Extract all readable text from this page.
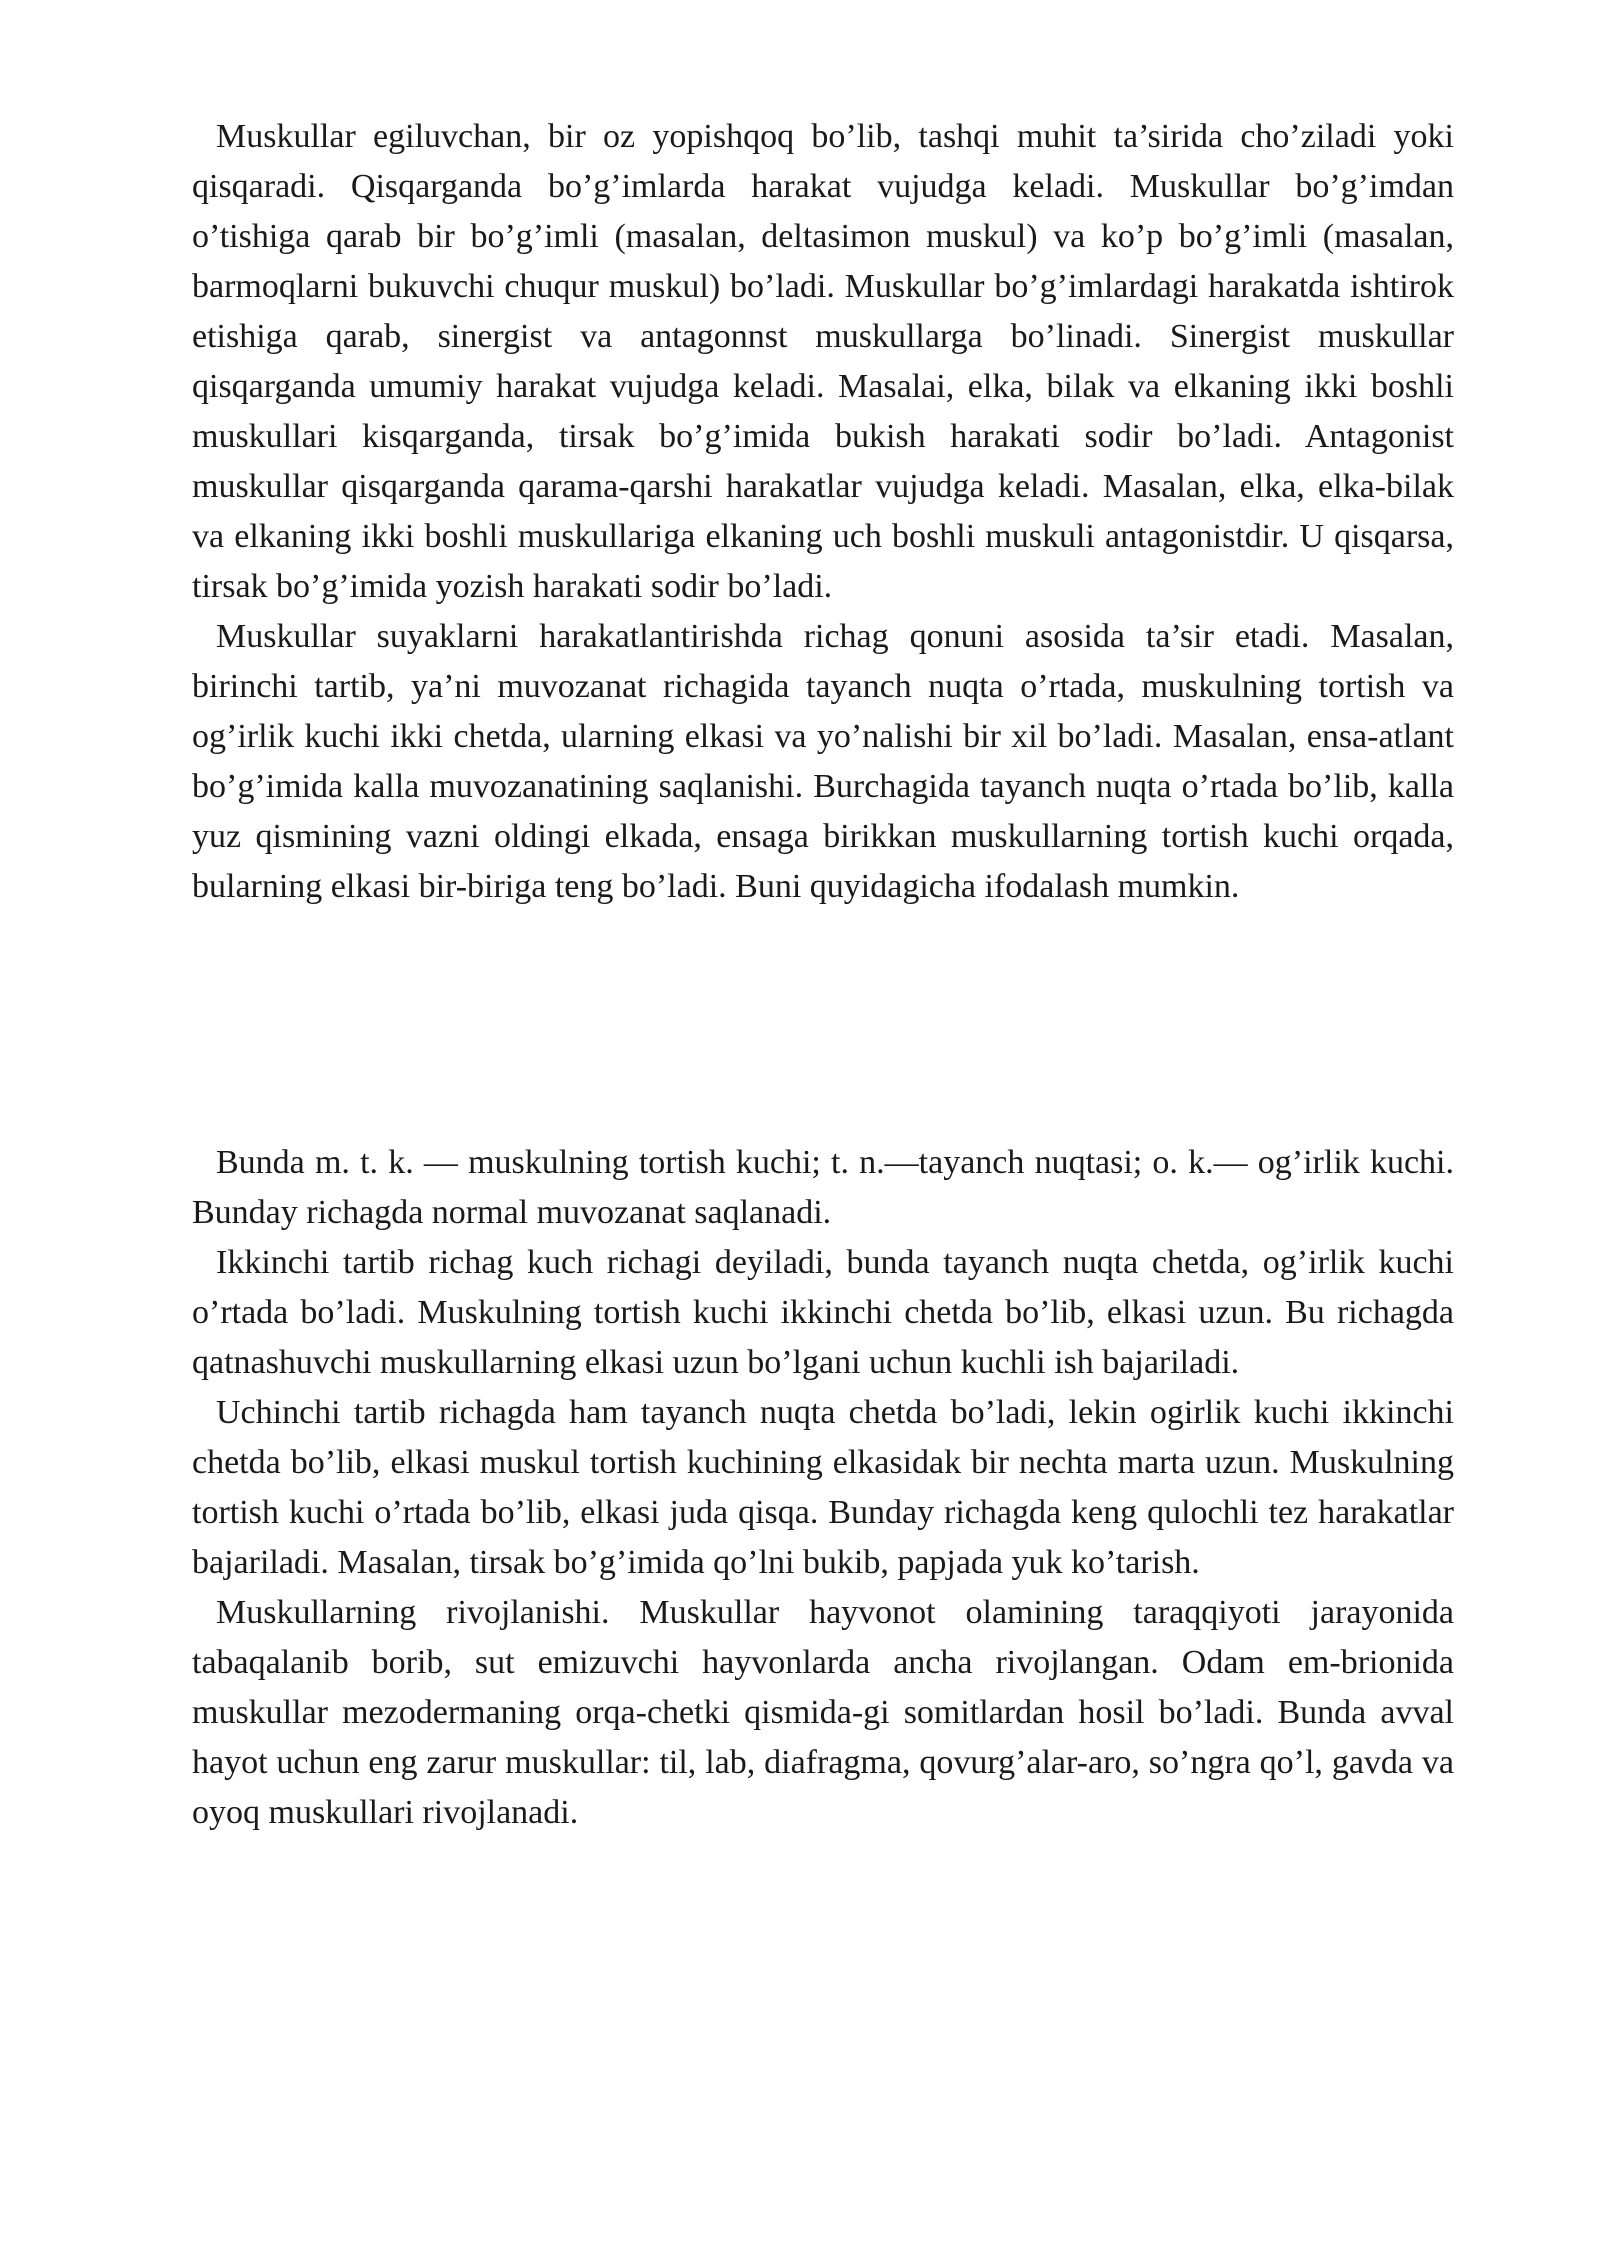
Muskullar egiluvchan, bir oz yopishqoq bo’lib, tashqi muhit ta’sirida cho’ziladi yoki qisqaradi. Qisqarganda bo’g’imlarda harakat vujudga keladi. Muskullar bo’g’imdan o’tishiga qarab bir bo’g’imli (masalan, deltasimon muskul) va ko’p bo’g’imli (masalan, barmoqlarni bukuvchi chuqur muskul) bo’ladi. Muskullar bo’g’imlardagi harakatda ishtirok etishiga qarab, sinergist va antagonnst muskullarga bo’linadi. Sinergist muskullar qisqarganda umumiy harakat vujudga keladi. Masalai, elka, bilak va elkaning ikki boshli muskullari kisqarganda, tirsak bo’g’imida bukish harakati sodir bo’ladi. Antagonist muskullar qisqarganda qarama-qarshi harakatlar vujudga keladi. Masalan, elka, elka-bilak va elkaning ikki boshli muskullariga elkaning uch boshli muskuli antagonistdir. U qisqarsa, tirsak bo’g’imida yozish harakati sodir bo’ladi.

Muskullar suyaklarni harakatlantirishda richag qonuni asosida ta’sir etadi. Masalan, birinchi tartib, ya’ni muvozanat richagida tayanch nuqta o’rtada, muskulning tortish va og’irlik kuchi ikki chetda, ularning elkasi va yo’nalishi bir xil bo’ladi. Masalan, ensa-atlant bo’g’imida kalla muvozanatining saqlanishi. Burchagida tayanch nuqta o’rtada bo’lib, kalla yuz qismining vazni oldingi elkada, ensaga birikkan muskullarning tortish kuchi orqada, bularning elkasi bir-biriga teng bo’ladi. Buni quyidagicha ifodalash mumkin.

Bunda m. t. k. — muskulning tortish kuchi; t. n.—tayanch nuqtasi; o. k.— og’irlik kuchi. Bunday richagda normal muvozanat saqlanadi.

Ikkinchi tartib richag kuch richagi deyiladi, bunda tayanch nuqta chetda, og’irlik kuchi o’rtada bo’ladi. Muskulning tortish kuchi ikkinchi chetda bo’lib, elkasi uzun. Bu richagda qatnashuvchi muskullarning elkasi uzun bo’lgani uchun kuchli ish bajariladi.

Uchinchi tartib richagda ham tayanch nuqta chetda bo’ladi, lekin ogirlik kuchi ikkinchi chetda bo’lib, elkasi muskul tortish kuchining elkasidak bir nechta marta uzun. Muskulning tortish kuchi o’rtada bo’lib, elkasi juda qisqa. Bunday richagda keng qulochli tez harakatlar bajariladi. Masalan, tirsak bo’g’imida qo’lni bukib, papjada yuk ko’tarish.

Muskullarning rivojlanishi. Muskullar hayvonot olamining taraqqiyoti jarayonida tabaqalanib borib, sut emizuvchi hayvonlarda ancha rivojlangan. Odam em-brionida muskullar mezodermaning orqa-chetki qismida-gi somitlardan hosil bo’ladi. Bunda avval hayot uchun eng zarur muskullar: til, lab, diafragma, qovurg’alar-aro, so’ngra qo’l, gavda va oyoq muskullari rivojlanadi.
